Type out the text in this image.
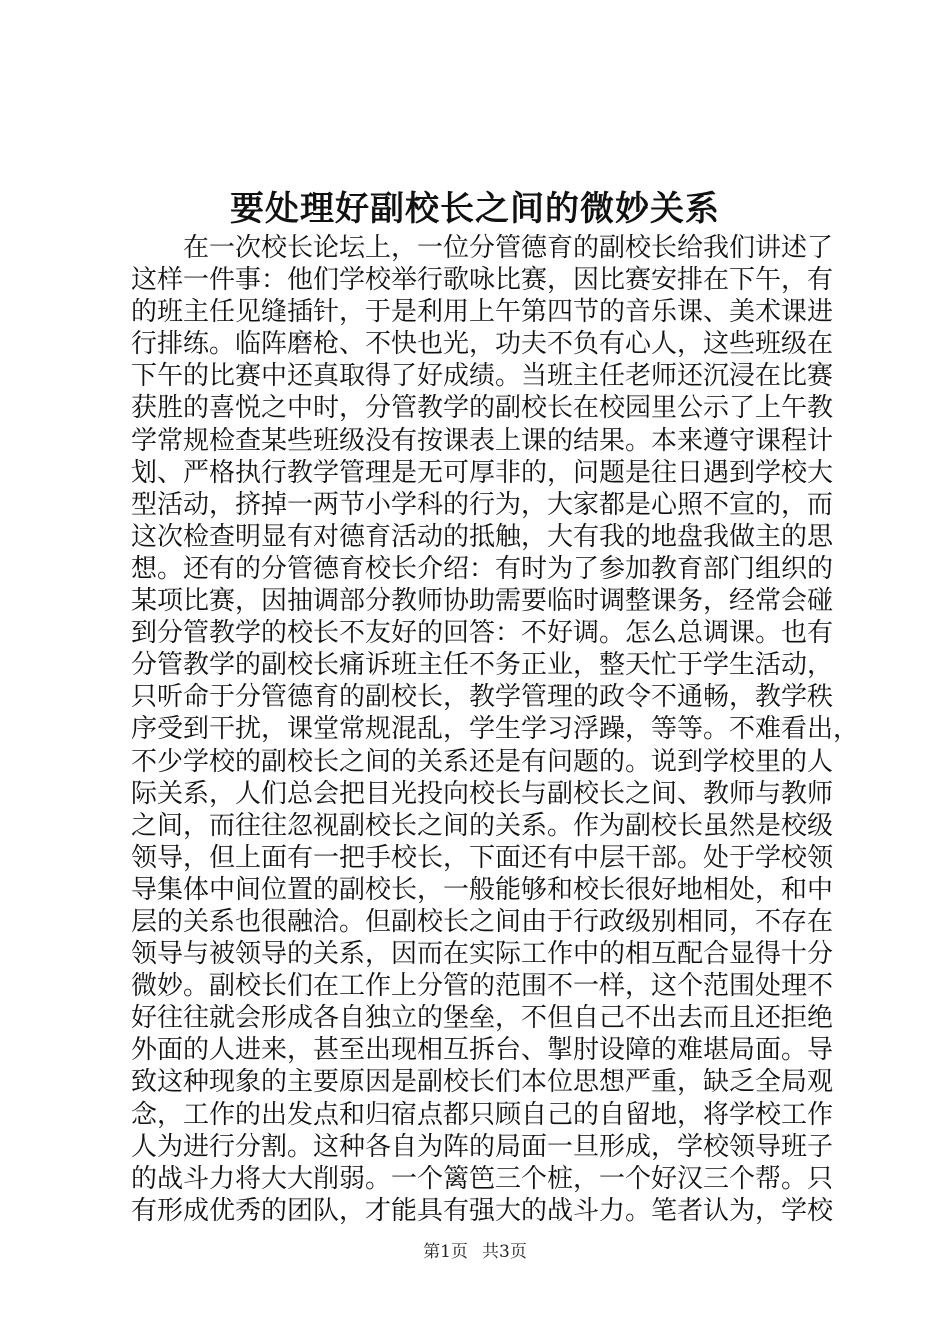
要处理好副校长之间的微妙关系
　　在一次校长论坛上，一位分管德育的副校长给我们讲述了
这样一件事：他们学校举行歌咏比赛，因比赛安排在下午，有
的班主任见缝插针，于是利用上午第四节的音乐课、美术课进
行排练。临阵磨枪、不快也光，功夫不负有心人，这些班级在
下午的比赛中还真取得了好成绩。当班主任老师还沉浸在比赛
获胜的喜悦之中时，分管教学的副校长在校园里公示了上午教
学常规检查某些班级没有按课表上课的结果。本来遵守课程计
划、严格执行教学管理是无可厚非的，问题是往日遇到学校大
型活动，挤掉一两节小学科的行为，大家都是心照不宣的，而
这次检查明显有对德育活动的抵触，大有我的地盘我做主的思
想。还有的分管德育校长介绍：有时为了参加教育部门组织的
某项比赛，因抽调部分教师协助需要临时调整课务，经常会碰
到分管教学的校长不友好的回答：不好调。怎么总调课。也有
分管教学的副校长痛诉班主任不务正业，整天忙于学生活动，
只听命于分管德育的副校长，教学管理的政令不通畅，教学秩
序受到干扰，课堂常规混乱，学生学习浮躁，等等。不难看出，
不少学校的副校长之间的关系还是有问题的。说到学校里的人
际关系，人们总会把目光投向校长与副校长之间、教师与教师
之间，而往往忽视副校长之间的关系。作为副校长虽然是校级
领导，但上面有一把手校长，下面还有中层干部。处于学校领
导集体中间位置的副校长，一般能够和校长很好地相处，和中
层的关系也很融洽。但副校长之间由于行政级别相同，不存在
领导与被领导的关系，因而在实际工作中的相互配合显得十分
微妙。副校长们在工作上分管的范围不一样，这个范围处理不
好往往就会形成各自独立的堡垒，不但自己不出去而且还拒绝
外面的人进来，甚至出现相互拆台、掣肘设障的难堪局面。导
致这种现象的主要原因是副校长们本位思想严重，缺乏全局观
念，工作的出发点和归宿点都只顾自己的自留地，将学校工作
人为进行分割。这种各自为阵的局面一旦形成，学校领导班子
的战斗力将大大削弱。一个篱笆三个桩，一个好汉三个帮。只
有形成优秀的团队，才能具有强大的战斗力。笔者认为，学校
第1页 共3页
